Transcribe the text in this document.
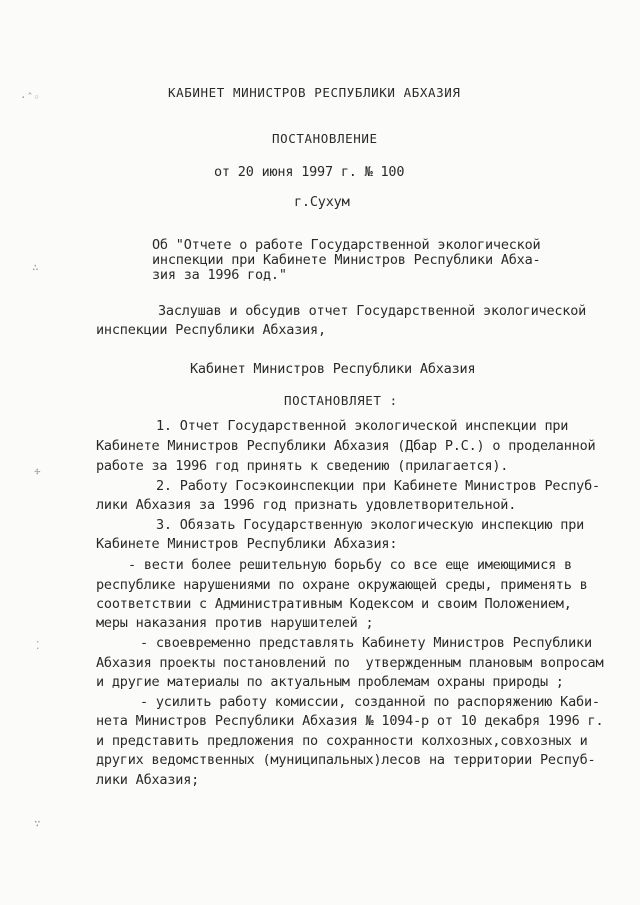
·ˆ◦
∴
∻
⁚
∵
КАБИНЕТ МИНИСТРОВ РЕСПУБЛИКИ АБХАЗИЯ
ПОСТАНОВЛЕНИЕ
от 20 июня 1997 г. № 100
г.Сухум
Об "Отчете о работе Государственной экологической
инспекции при Кабинете Министров Республики Абха-
зия за 1996 год."
Заслушав и обсудив отчет Государственной экологической
инспекции Республики Абхазия,
Кабинет Министров Республики Абхазия
ПОСТАНОВЛЯЕТ :
1. Отчет Государственной экологической инспекции при
Кабинете Министров Республики Абхазия (Дбар Р.С.) о проделанной
работе за 1996 год принять к сведению (прилагается).
2. Работу Госэкоинспекции при Кабинете Министров Респуб-
лики Абхазия за 1996 год признать удовлетворительной.
3. Обязать Государственную экологическую инспекцию при
Кабинете Министров Республики Абхазия:
- вести более решительную борьбу со все еще имеющимися в
республике нарушениями по охране окружающей среды, применять в
соответствии с Административным Кодексом и своим Положением,
меры наказания против нарушителей ;
- своевременно представлять Кабинету Министров Республики
Абхазия проекты постановлений по  утвержденным плановым вопросам
и другие материалы по актуальным проблемам охраны природы ;
- усилить работу комиссии, созданной по распоряжению Каби-
нета Министров Республики Абхазия № 1094-р от 10 декабря 1996 г.
и представить предложения по сохранности колхозных,совхозных и
других ведомственных (муниципальных)лесов на территории Респуб-
лики Абхазия;
